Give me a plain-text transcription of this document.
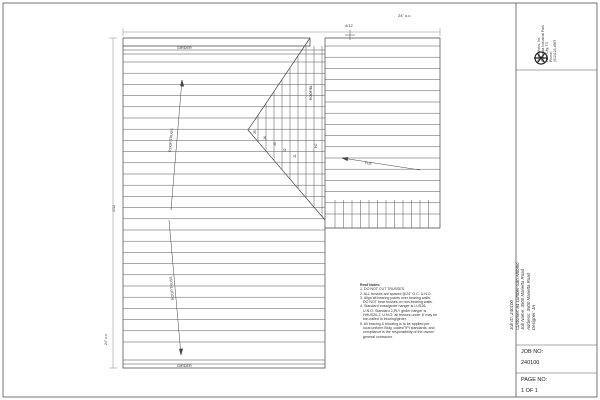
24" o.c.
4/12
GIRDER
GIRDER
HJ
HJ2
ROOF/TRUSS
ROOF/TRUSS
ROOF/BL
J5
J4
J3
J2
J1
24" o.c.
4/12
Roof Notes:
1. DO NOT CUT TRUSSES.
2. ALL trusses are spaced @24" O.C. U.N.O.
3. Align all bearing points over bearing walls.
DO NOT bear trusses on non-bearing walls.
4. Standard truss/girder hanger is LUS26,
U.N.O. Standard 2-PLY girder hanger is
HHUS26-2, U.N.O. all trusses under 8' may be
toe-nailed to bearing/girder.
5. All bracing & blocking is to be applied per
local uniform Bldg. codes/TPI standards, and
compliance is the responsibility of the owner/
general contractor.
TrussWorks, Inc. Columbia Industrial Park Lake City, TX Phone: (512)123-4567
Job ID: 240100 Customer: 84 Lumber-San Antonio Job Name: 3500 Marietta Road Address: 3500 Marietta Road Designer: JA
JOB NO:
240100
PAGE NO:
1 OF 1
